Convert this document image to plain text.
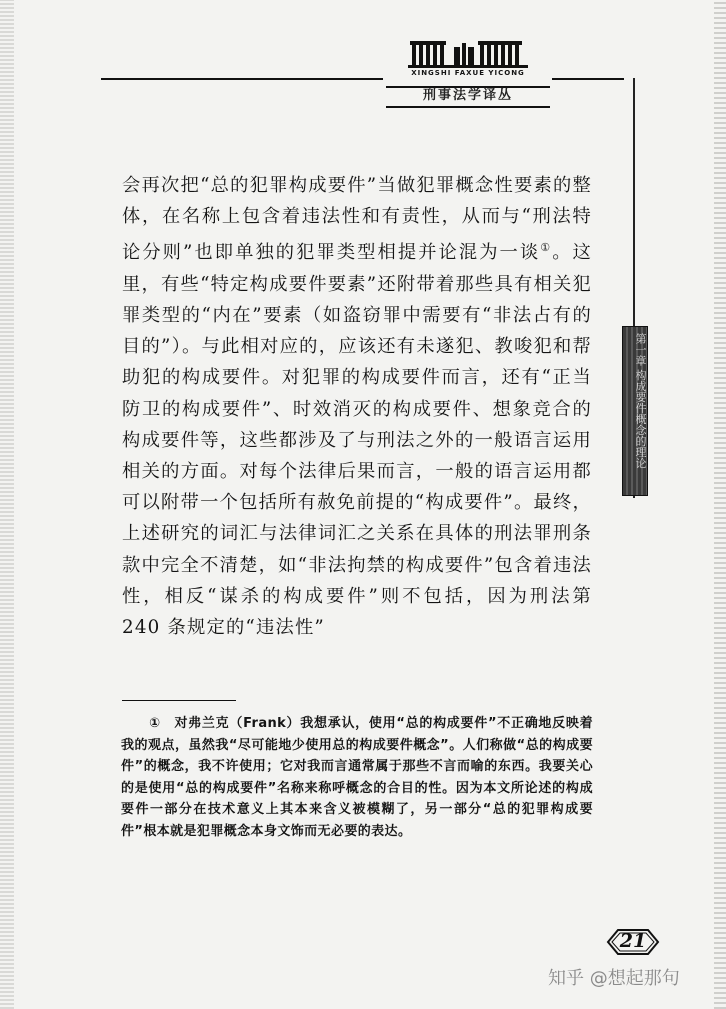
XINGSHI FAXUE YICONG
刑事法学译丛
第一章 构成要件概念的理论

会再次把“总的犯罪构成要件”当做犯罪概念性要素的整体，在名称上包含着违法性和有责性，从而与“刑法特论分则”也即单独的犯罪类型相提并论混为一谈①。这里，有些“特定构成要件要素”还附带着那些具有相关犯罪类型的“内在”要素（如盗窃罪中需要有“非法占有的目的”）。与此相对应的，应该还有未遂犯、教唆犯和帮助犯的构成要件。对犯罪的构成要件而言，还有“正当防卫的构成要件”、时效消灭的构成要件、想象竞合的构成要件等，这些都涉及了与刑法之外的一般语言运用相关的方面。对每个法律后果而言，一般的语言运用都可以附带一个包括所有赦免前提的“构成要件”。最终，上述研究的词汇与法律词汇之关系在具体的刑法罪刑条款中完全不清楚，如“非法拘禁的构成要件”包含着违法性，相反“谋杀的构成要件”则不包括，因为刑法第 240 条规定的“违法性”

①　对弗兰克（Frank）我想承认，使用“总的构成要件”不正确地反映着我的观点，虽然我“尽可能地少使用总的构成要件概念”。人们称做“总的构成要件”的概念，我不许使用；它对我而言通常属于那些不言而喻的东西。我要关心的是使用“总的构成要件”名称来称呼概念的合目的性。因为本文所论述的构成要件一部分在技术意义上其本来含义被模糊了，另一部分“总的犯罪构成要件”根本就是犯罪概念本身文饰而无必要的表达。

21
知乎 @想起那句
